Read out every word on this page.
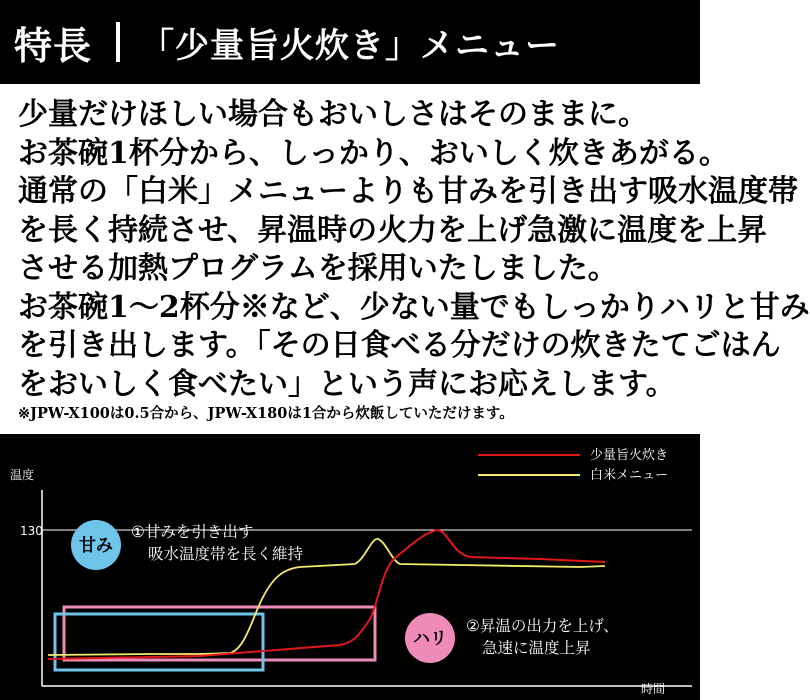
特長 「少量旨火炊き」メニュー
少量だけほしい場合もおいしさはそのままに。
お茶碗1杯分から、しっかり、おいしく炊きあがる。
通常の「白米」メニューよりも甘みを引き出す吸水温度帯
を長く持続させ、昇温時の火力を上げ急激に温度を上昇
させる加熱プログラムを採用いたしました。
お茶碗1～2杯分※など、少ない量でもしっかりハリと甘み
を引き出します。「その日食べる分だけの炊きたてごはん
をおいしく食べたい」という声にお応えします。
※JPW-X100は0.5合から、JPW-X180は1合から炊飯していただけます。
少量旨火炊き
白米メニュー
温度
130
時間
甘み
①甘みを引き出す
吸水温度帯を長く維持
ハリ
②昇温の出力を上げ、
急速に温度上昇
